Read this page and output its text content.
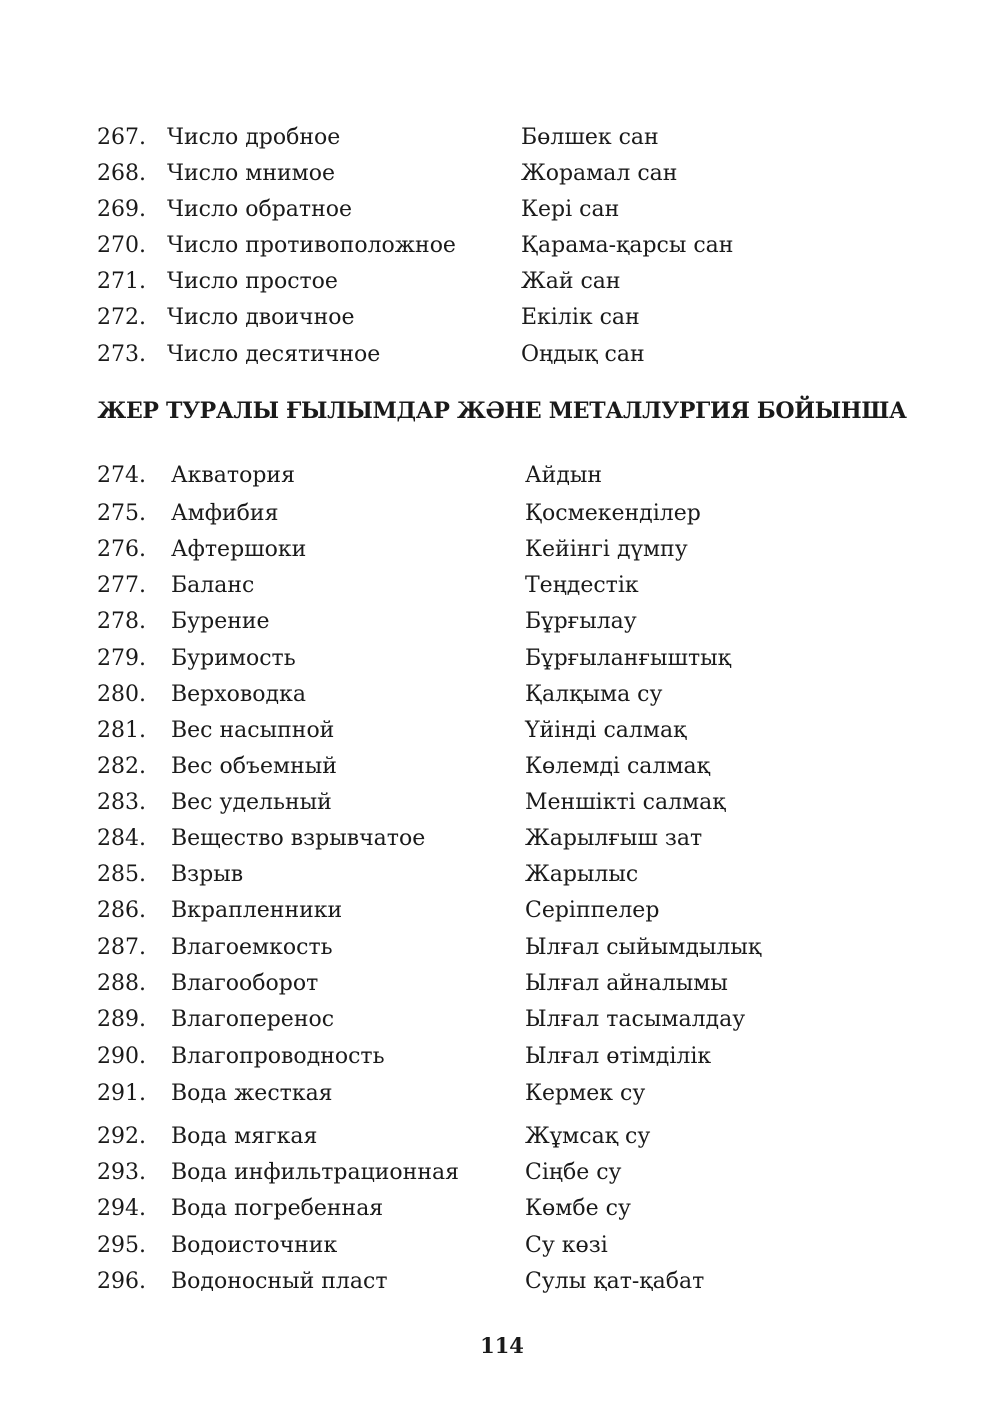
267. Число дробное	Бөлшек сан
268. Число мнимое	Жорамал сан
269. Число обратное	Кері сан
270. Число противоположное	Қарама-қарсы сан
271. Число простое	Жай сан
272. Число двоичное	Екілік сан
273. Число десятичное	Оңдық сан
ЖЕР ТУРАЛЫ ҒЫЛЫМДАР ЖӘНЕ МЕТАЛЛУРГИЯ БОЙЫНША
274. Акватория	Айдын
275. Амфибия	Қосмекенділер
276. Афтершоки	Кейінгі дүмпу
277. Баланс	Теңдестік
278. Бурение	Бұрғылау
279. Буримость	Бұрғыланғыштық
280. Верховодка	Қалқыма су
281. Вес насыпной	Үйінді салмақ
282. Вес объемный	Көлемді салмақ
283. Вес удельный	Меншікті салмақ
284. Вещество взрывчатое	Жарылғыш зат
285. Взрыв	Жарылыс
286. Вкрапленники	Серіппелер
287. Влагоемкость	Ылғал сыйымдылық
288. Влагооборот	Ылғал айналымы
289. Влагоперенос	Ылғал тасымалдау
290. Влагопроводность	Ылғал өтімділік
291. Вода жесткая	Кермек су
292. Вода мягкая	Жұмсақ су
293. Вода инфильтрационная	Сіңбе су
294. Вода погребенная	Көмбе су
295. Водоисточник	Су көзі
296. Водоносный пласт	Сулы қат-қабат
114
